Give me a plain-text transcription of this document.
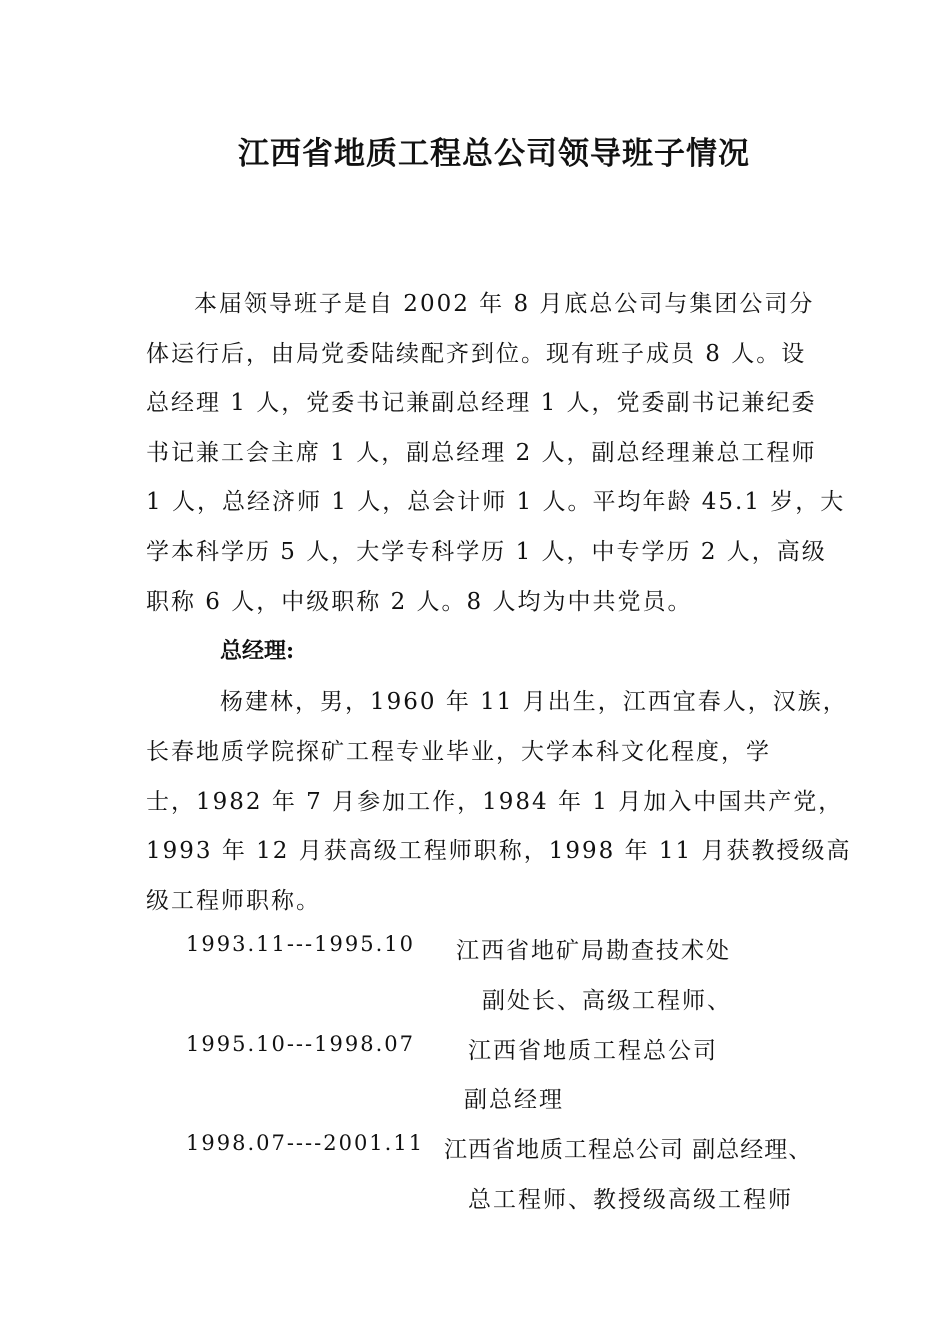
江西省地质工程总公司领导班子情况
本届领导班子是自 2002 年 8 月底总公司与集团公司分
体运行后，由局党委陆续配齐到位。现有班子成员 8 人。设
总经理 1 人，党委书记兼副总经理 1 人，党委副书记兼纪委
书记兼工会主席 1 人，副总经理 2 人，副总经理兼总工程师
1 人，总经济师 1 人，总会计师 1 人。平均年龄 45.1 岁，大
学本科学历 5 人，大学专科学历 1 人，中专学历 2 人，高级
职称 6 人，中级职称 2 人。8 人均为中共党员。
总经理:
杨建林，男，1960 年 11 月出生，江西宜春人，汉族，
长春地质学院探矿工程专业毕业，大学本科文化程度，学
士，1982 年 7 月参加工作，1984 年 1 月加入中国共产党，
1993 年 12 月获高级工程师职称，1998 年 11 月获教授级高
级工程师职称。
1993.11---1995.10 江西省地矿局勘查技术处
副处长、高级工程师、
1995.10---1998.07 江西省地质工程总公司
副总经理
1998.07----2001.11 江西省地质工程总公司 副总经理、
总工程师、教授级高级工程师
